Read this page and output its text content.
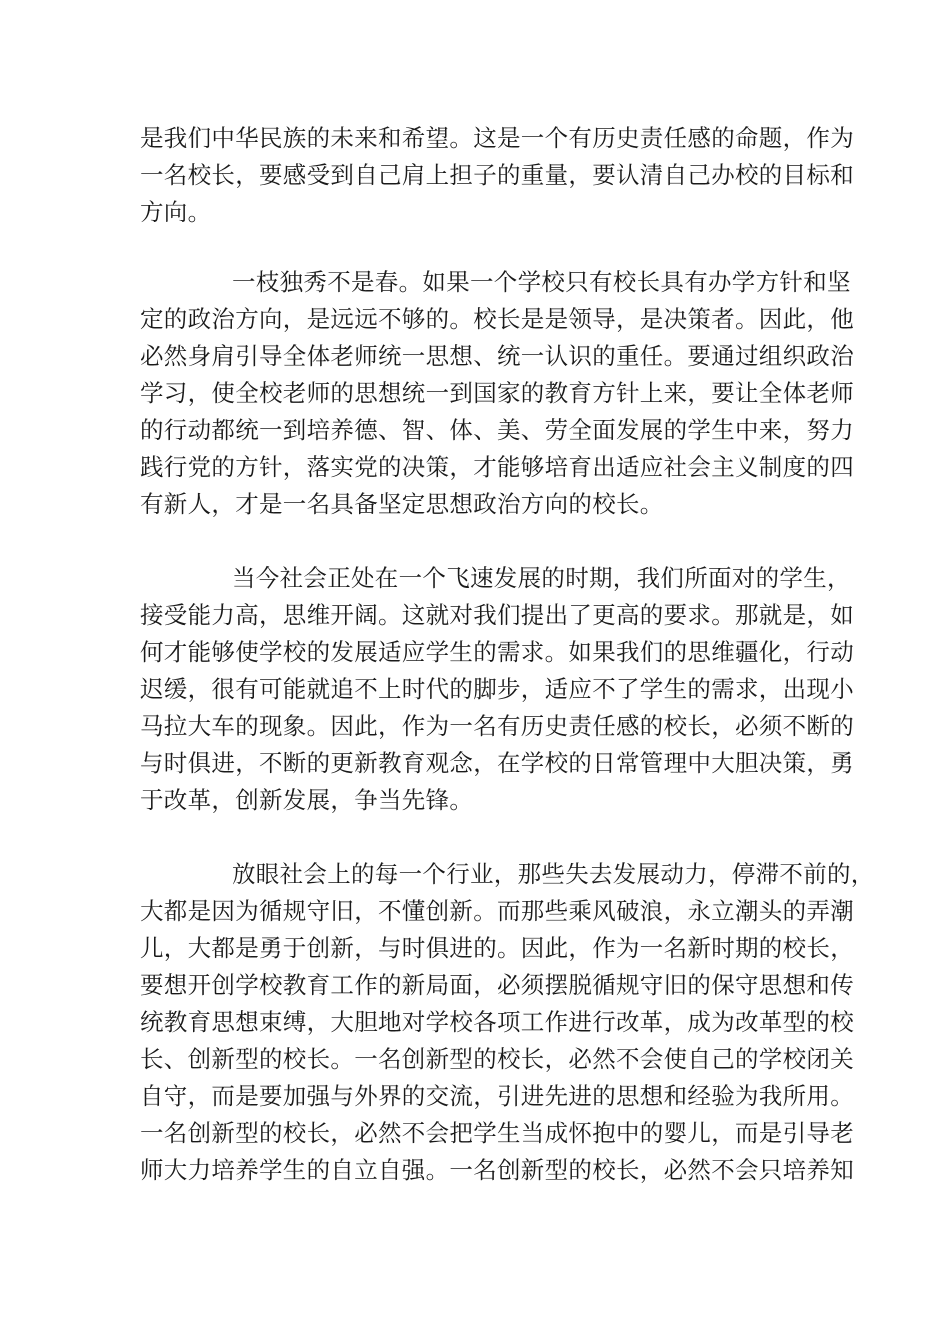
是我们中华民族的未来和希望。这是一个有历史责任感的命题，作为
一名校长，要感受到自己肩上担子的重量，要认清自己办校的目标和
方向。
一枝独秀不是春。如果一个学校只有校长具有办学方针和坚
定的政治方向，是远远不够的。校长是是领导，是决策者。因此，他
必然身肩引导全体老师统一思想、统一认识的重任。要通过组织政治
学习，使全校老师的思想统一到国家的教育方针上来，要让全体老师
的行动都统一到培养德、智、体、美、劳全面发展的学生中来，努力
践行党的方针，落实党的决策，才能够培育出适应社会主义制度的四
有新人，才是一名具备坚定思想政治方向的校长。
当今社会正处在一个飞速发展的时期，我们所面对的学生，
接受能力高，思维开阔。这就对我们提出了更高的要求。那就是，如
何才能够使学校的发展适应学生的需求。如果我们的思维疆化，行动
迟缓，很有可能就追不上时代的脚步，适应不了学生的需求，出现小
马拉大车的现象。因此，作为一名有历史责任感的校长，必须不断的
与时俱进，不断的更新教育观念，在学校的日常管理中大胆决策，勇
于改革，创新发展，争当先锋。
放眼社会上的每一个行业，那些失去发展动力，停滞不前的，
大都是因为循规守旧，不懂创新。而那些乘风破浪，永立潮头的弄潮
儿，大都是勇于创新，与时俱进的。因此，作为一名新时期的校长，
要想开创学校教育工作的新局面，必须摆脱循规守旧的保守思想和传
统教育思想束缚，大胆地对学校各项工作进行改革，成为改革型的校
长、创新型的校长。一名创新型的校长，必然不会使自己的学校闭关
自守，而是要加强与外界的交流，引进先进的思想和经验为我所用。
一名创新型的校长，必然不会把学生当成怀抱中的婴儿，而是引导老
师大力培养学生的自立自强。一名创新型的校长，必然不会只培养知
